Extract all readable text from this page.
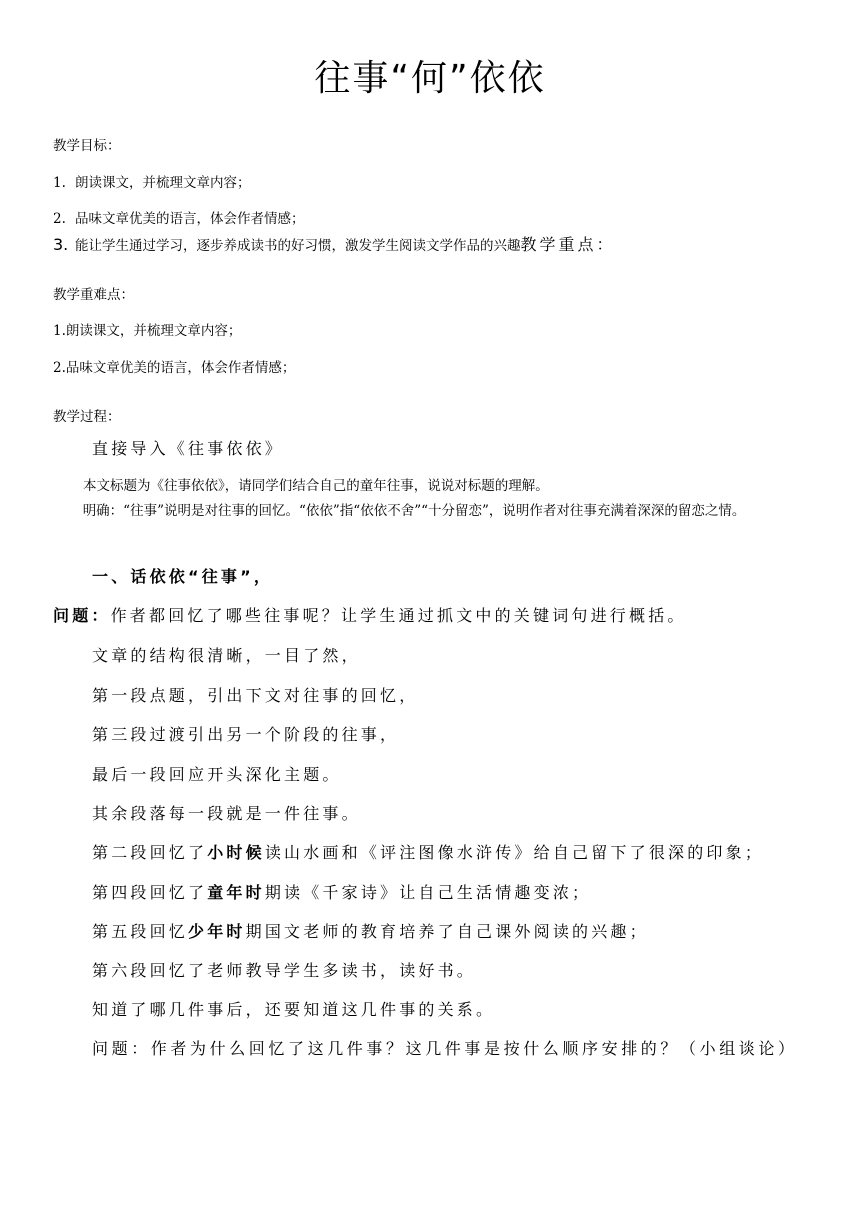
往事“何”依依
教学目标：
1. 朗读课文，并梳理文章内容；
2. 品味文章优美的语言，体会作者情感；
3. 能让学生通过学习，逐步养成读书的好习惯，激发学生阅读文学作品的兴趣教学重点：
教学重难点：
1.朗读课文，并梳理文章内容；
2.品味文章优美的语言，体会作者情感；
教学过程：
直接导入《往事依依》
本文标题为《往事依依》，请同学们结合自己的童年往事，说说对标题的理解。
明确：“往事”说明是对往事的回忆。“依依”指“依依不舍”“十分留恋”，说明作者对往事充满着深深的留恋之情。
一、话依依“往事”，
问题：作者都回忆了哪些往事呢？让学生通过抓文中的关键词句进行概括。
文章的结构很清晰，一目了然，
第一段点题，引出下文对往事的回忆，
第三段过渡引出另一个阶段的往事，
最后一段回应开头深化主题。
其余段落每一段就是一件往事。
第二段回忆了小时候读山水画和《评注图像水浒传》给自己留下了很深的印象；
第四段回忆了童年时期读《千家诗》让自己生活情趣变浓；
第五段回忆少年时期国文老师的教育培养了自己课外阅读的兴趣；
第六段回忆了老师教导学生多读书，读好书。
知道了哪几件事后，还要知道这几件事的关系。
问题：作者为什么回忆了这几件事？这几件事是按什么顺序安排的？（小组谈论）
